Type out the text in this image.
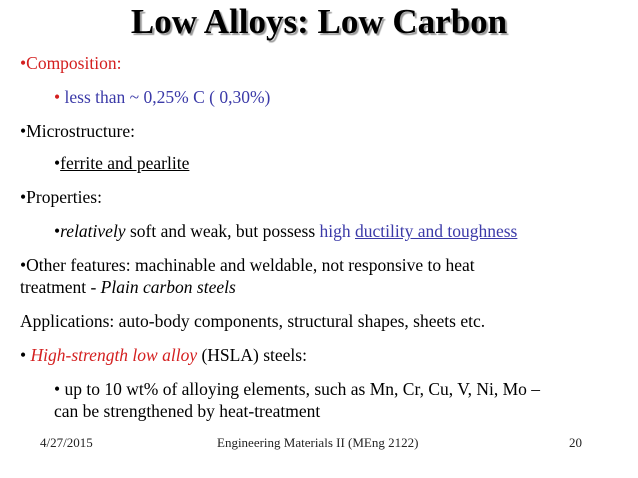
Low Alloys: Low Carbon
•Composition:
• less than ~ 0,25% C ( 0,30%)
•Microstructure:
•ferrite and pearlite
•Properties:
•relatively soft and weak, but possess high ductility and toughness
•Other features: machinable and weldable, not responsive to heat
treatment - Plain carbon steels
Applications: auto-body components, structural shapes, sheets etc.
• High-strength low alloy (HSLA) steels:
• up to 10 wt% of alloying elements, such as Mn, Cr, Cu, V, Ni, Mo –
can be strengthened by heat-treatment
4/27/2015	Engineering Materials II (MEng 2122)	20
